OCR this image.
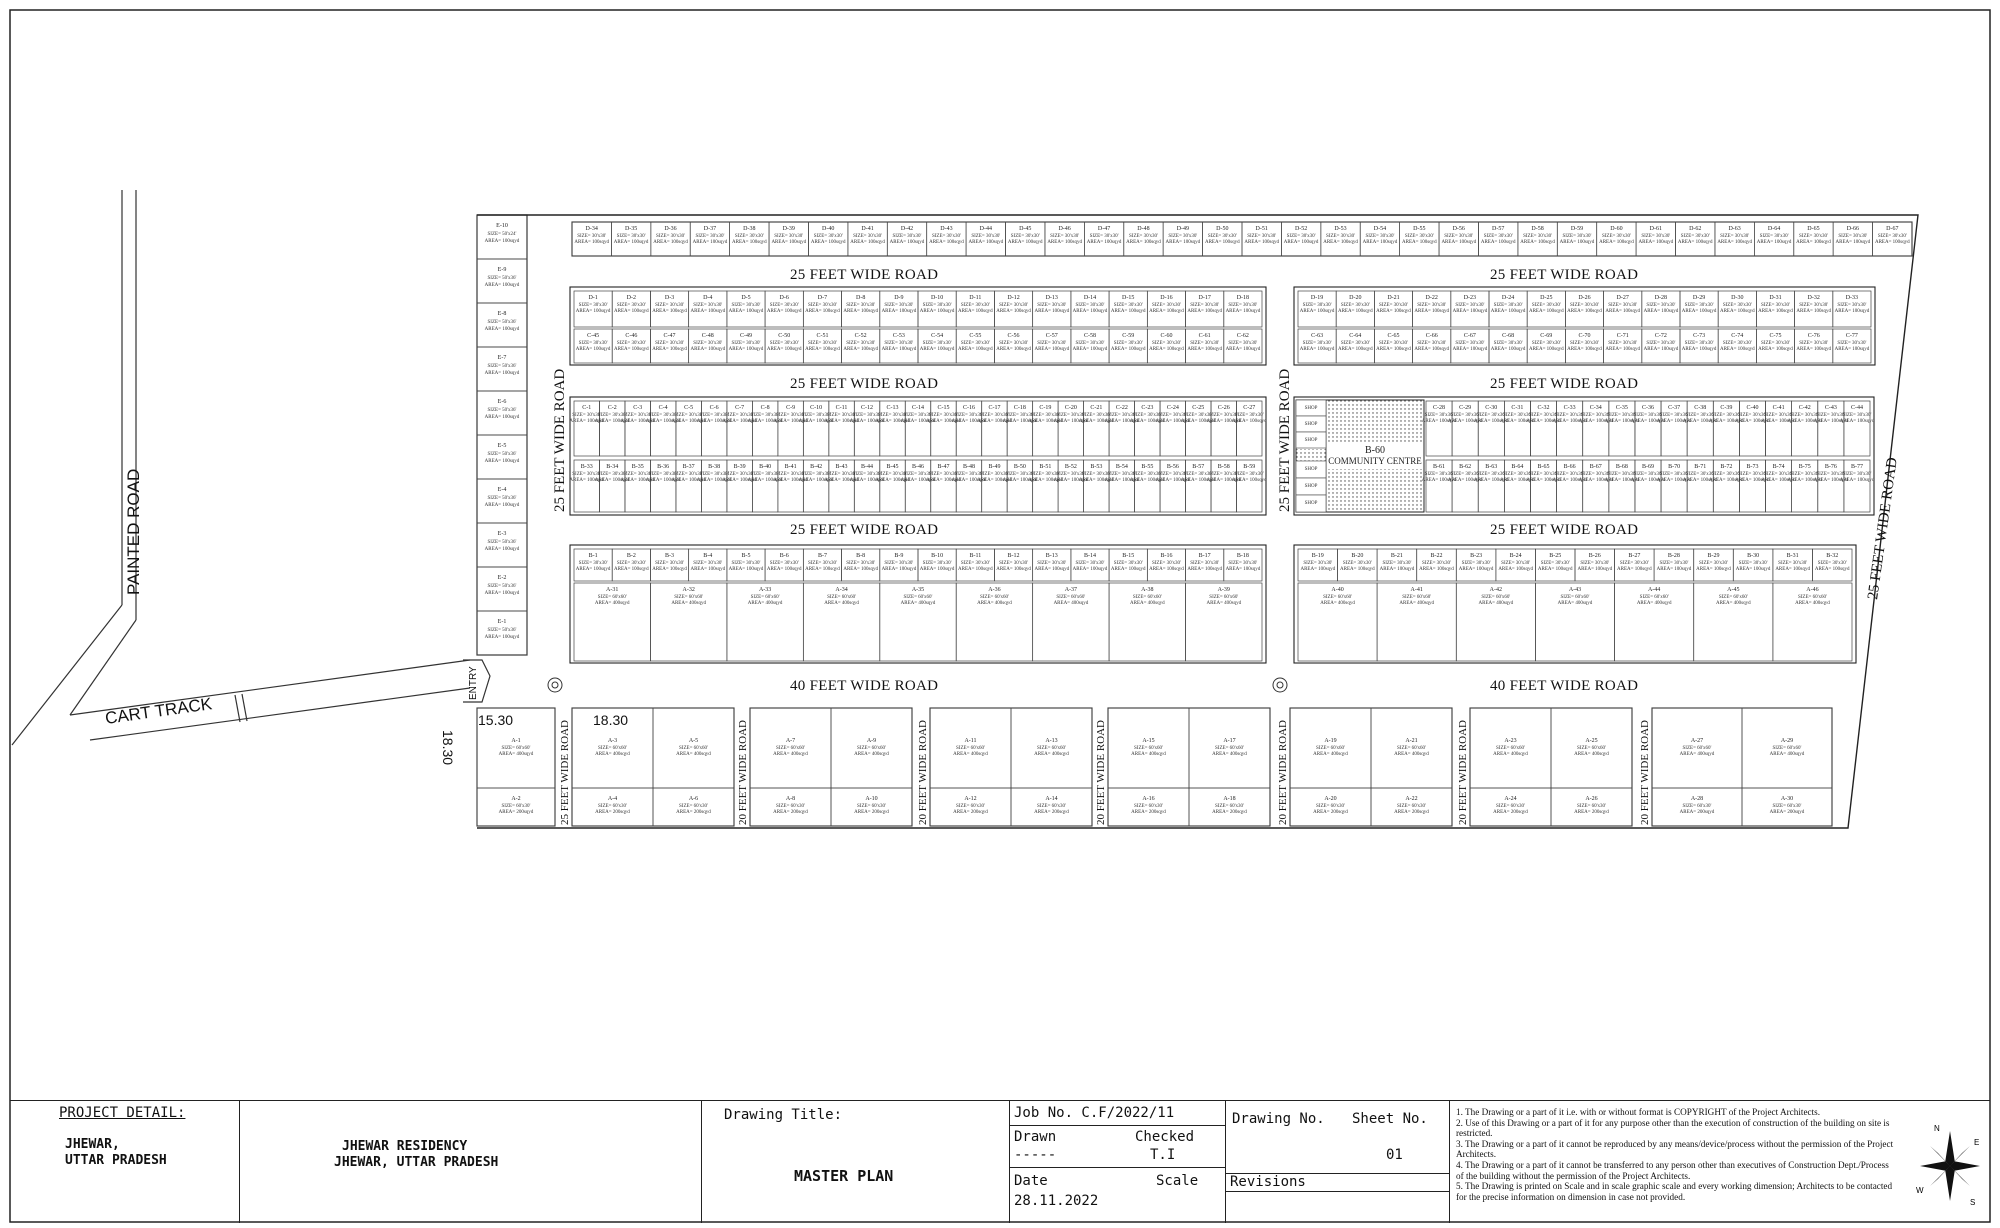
PAINTED ROAD
CART TRACK
ENTRY
E-10
SIZE= 50'x24'
AREA= 100sqyd
E-9
SIZE= 50'x36'
AREA= 100sqyd
E-8
SIZE= 50'x36'
AREA= 100sqyd
E-7
SIZE= 50'x36'
AREA= 100sqyd
E-6
SIZE= 50'x36'
AREA= 100sqyd
E-5
SIZE= 50'x36'
AREA= 100sqyd
E-4
SIZE= 50'x36'
AREA= 100sqyd
E-3
SIZE= 50'x36'
AREA= 100sqyd
E-2
SIZE= 50'x36'
AREA= 100sqyd
E-1
SIZE= 50'x36'
AREA= 100sqyd
D-34
SIZE= 30'x30'
AREA= 100sqyd
D-35
SIZE= 30'x30'
AREA= 100sqyd
D-36
SIZE= 30'x30'
AREA= 100sqyd
D-37
SIZE= 30'x30'
AREA= 100sqyd
D-38
SIZE= 30'x30'
AREA= 100sqyd
D-39
SIZE= 30'x30'
AREA= 100sqyd
D-40
SIZE= 30'x30'
AREA= 100sqyd
D-41
SIZE= 30'x30'
AREA= 100sqyd
D-42
SIZE= 30'x30'
AREA= 100sqyd
D-43
SIZE= 30'x30'
AREA= 100sqyd
D-44
SIZE= 30'x30'
AREA= 100sqyd
D-45
SIZE= 30'x30'
AREA= 100sqyd
D-46
SIZE= 30'x30'
AREA= 100sqyd
D-47
SIZE= 30'x30'
AREA= 100sqyd
D-48
SIZE= 30'x30'
AREA= 100sqyd
D-49
SIZE= 30'x30'
AREA= 100sqyd
D-50
SIZE= 30'x30'
AREA= 100sqyd
D-51
SIZE= 30'x30'
AREA= 100sqyd
D-52
SIZE= 30'x30'
AREA= 100sqyd
D-53
SIZE= 30'x30'
AREA= 100sqyd
D-54
SIZE= 30'x30'
AREA= 100sqyd
D-55
SIZE= 30'x30'
AREA= 100sqyd
D-56
SIZE= 30'x30'
AREA= 100sqyd
D-57
SIZE= 30'x30'
AREA= 100sqyd
D-58
SIZE= 30'x30'
AREA= 100sqyd
D-59
SIZE= 30'x30'
AREA= 100sqyd
D-60
SIZE= 30'x30'
AREA= 100sqyd
D-61
SIZE= 30'x30'
AREA= 100sqyd
D-62
SIZE= 30'x30'
AREA= 100sqyd
D-63
SIZE= 30'x30'
AREA= 100sqyd
D-64
SIZE= 30'x30'
AREA= 100sqyd
D-65
SIZE= 30'x30'
AREA= 100sqyd
D-66
SIZE= 30'x30'
AREA= 100sqyd
D-67
SIZE= 30'x30'
AREA= 100sqyd
D-1
SIZE= 30'x30'
AREA= 100sqyd
D-2
SIZE= 30'x30'
AREA= 100sqyd
D-3
SIZE= 30'x30'
AREA= 100sqyd
D-4
SIZE= 30'x30'
AREA= 100sqyd
D-5
SIZE= 30'x30'
AREA= 100sqyd
D-6
SIZE= 30'x30'
AREA= 100sqyd
D-7
SIZE= 30'x30'
AREA= 100sqyd
D-8
SIZE= 30'x30'
AREA= 100sqyd
D-9
SIZE= 30'x30'
AREA= 100sqyd
D-10
SIZE= 30'x30'
AREA= 100sqyd
D-11
SIZE= 30'x30'
AREA= 100sqyd
D-12
SIZE= 30'x30'
AREA= 100sqyd
D-13
SIZE= 30'x30'
AREA= 100sqyd
D-14
SIZE= 30'x30'
AREA= 100sqyd
D-15
SIZE= 30'x30'
AREA= 100sqyd
D-16
SIZE= 30'x30'
AREA= 100sqyd
D-17
SIZE= 30'x30'
AREA= 100sqyd
D-18
SIZE= 30'x30'
AREA= 100sqyd
C-45
SIZE= 30'x30'
AREA= 100sqyd
C-46
SIZE= 30'x30'
AREA= 100sqyd
C-47
SIZE= 30'x30'
AREA= 100sqyd
C-48
SIZE= 30'x30'
AREA= 100sqyd
C-49
SIZE= 30'x30'
AREA= 100sqyd
C-50
SIZE= 30'x30'
AREA= 100sqyd
C-51
SIZE= 30'x30'
AREA= 100sqyd
C-52
SIZE= 30'x30'
AREA= 100sqyd
C-53
SIZE= 30'x30'
AREA= 100sqyd
C-54
SIZE= 30'x30'
AREA= 100sqyd
C-55
SIZE= 30'x30'
AREA= 100sqyd
C-56
SIZE= 30'x30'
AREA= 100sqyd
C-57
SIZE= 30'x30'
AREA= 100sqyd
C-58
SIZE= 30'x30'
AREA= 100sqyd
C-59
SIZE= 30'x30'
AREA= 100sqyd
C-60
SIZE= 30'x30'
AREA= 100sqyd
C-61
SIZE= 30'x30'
AREA= 100sqyd
C-62
SIZE= 30'x30'
AREA= 100sqyd
D-19
SIZE= 30'x30'
AREA= 100sqyd
D-20
SIZE= 30'x30'
AREA= 100sqyd
D-21
SIZE= 30'x30'
AREA= 100sqyd
D-22
SIZE= 30'x30'
AREA= 100sqyd
D-23
SIZE= 30'x30'
AREA= 100sqyd
D-24
SIZE= 30'x30'
AREA= 100sqyd
D-25
SIZE= 30'x30'
AREA= 100sqyd
D-26
SIZE= 30'x30'
AREA= 100sqyd
D-27
SIZE= 30'x30'
AREA= 100sqyd
D-28
SIZE= 30'x30'
AREA= 100sqyd
D-29
SIZE= 30'x30'
AREA= 100sqyd
D-30
SIZE= 30'x30'
AREA= 100sqyd
D-31
SIZE= 30'x30'
AREA= 100sqyd
D-32
SIZE= 30'x30'
AREA= 100sqyd
D-33
SIZE= 30'x30'
AREA= 100sqyd
C-63
SIZE= 30'x30'
AREA= 100sqyd
C-64
SIZE= 30'x30'
AREA= 100sqyd
C-65
SIZE= 30'x30'
AREA= 100sqyd
C-66
SIZE= 30'x30'
AREA= 100sqyd
C-67
SIZE= 30'x30'
AREA= 100sqyd
C-68
SIZE= 30'x30'
AREA= 100sqyd
C-69
SIZE= 30'x30'
AREA= 100sqyd
C-70
SIZE= 30'x30'
AREA= 100sqyd
C-71
SIZE= 30'x30'
AREA= 100sqyd
C-72
SIZE= 30'x30'
AREA= 100sqyd
C-73
SIZE= 30'x30'
AREA= 100sqyd
C-74
SIZE= 30'x30'
AREA= 100sqyd
C-75
SIZE= 30'x30'
AREA= 100sqyd
C-76
SIZE= 30'x30'
AREA= 100sqyd
C-77
SIZE= 30'x30'
AREA= 100sqyd
C-1
SIZE= 30'x30'
AREA= 100sqyd
C-2
SIZE= 30'x30'
AREA= 100sqyd
C-3
SIZE= 30'x30'
AREA= 100sqyd
C-4
SIZE= 30'x30'
AREA= 100sqyd
C-5
SIZE= 30'x30'
AREA= 100sqyd
C-6
SIZE= 30'x30'
AREA= 100sqyd
C-7
SIZE= 30'x30'
AREA= 100sqyd
C-8
SIZE= 30'x30'
AREA= 100sqyd
C-9
SIZE= 30'x30'
AREA= 100sqyd
C-10
SIZE= 30'x30'
AREA= 100sqyd
C-11
SIZE= 30'x30'
AREA= 100sqyd
C-12
SIZE= 30'x30'
AREA= 100sqyd
C-13
SIZE= 30'x30'
AREA= 100sqyd
C-14
SIZE= 30'x30'
AREA= 100sqyd
C-15
SIZE= 30'x30'
AREA= 100sqyd
C-16
SIZE= 30'x30'
AREA= 100sqyd
C-17
SIZE= 30'x30'
AREA= 100sqyd
C-18
SIZE= 30'x30'
AREA= 100sqyd
C-19
SIZE= 30'x30'
AREA= 100sqyd
C-20
SIZE= 30'x30'
AREA= 100sqyd
C-21
SIZE= 30'x30'
AREA= 100sqyd
C-22
SIZE= 30'x30'
AREA= 100sqyd
C-23
SIZE= 30'x30'
AREA= 100sqyd
C-24
SIZE= 30'x30'
AREA= 100sqyd
C-25
SIZE= 30'x30'
AREA= 100sqyd
C-26
SIZE= 30'x30'
AREA= 100sqyd
C-27
SIZE= 30'x30'
AREA= 100sqyd
B-33
SIZE= 30'x30'
AREA= 100sqyd
B-34
SIZE= 30'x30'
AREA= 100sqyd
B-35
SIZE= 30'x30'
AREA= 100sqyd
B-36
SIZE= 30'x30'
AREA= 100sqyd
B-37
SIZE= 30'x30'
AREA= 100sqyd
B-38
SIZE= 30'x30'
AREA= 100sqyd
B-39
SIZE= 30'x30'
AREA= 100sqyd
B-40
SIZE= 30'x30'
AREA= 100sqyd
B-41
SIZE= 30'x30'
AREA= 100sqyd
B-42
SIZE= 30'x30'
AREA= 100sqyd
B-43
SIZE= 30'x30'
AREA= 100sqyd
B-44
SIZE= 30'x30'
AREA= 100sqyd
B-45
SIZE= 30'x30'
AREA= 100sqyd
B-46
SIZE= 30'x30'
AREA= 100sqyd
B-47
SIZE= 30'x30'
AREA= 100sqyd
B-48
SIZE= 30'x30'
AREA= 100sqyd
B-49
SIZE= 30'x30'
AREA= 100sqyd
B-50
SIZE= 30'x30'
AREA= 100sqyd
B-51
SIZE= 30'x30'
AREA= 100sqyd
B-52
SIZE= 30'x30'
AREA= 100sqyd
B-53
SIZE= 30'x30'
AREA= 100sqyd
B-54
SIZE= 30'x30'
AREA= 100sqyd
B-55
SIZE= 30'x30'
AREA= 100sqyd
B-56
SIZE= 30'x30'
AREA= 100sqyd
B-57
SIZE= 30'x30'
AREA= 100sqyd
B-58
SIZE= 30'x30'
AREA= 100sqyd
B-59
SIZE= 30'x30'
AREA= 100sqyd
SHOP
SHOP
SHOP
SHOP
SHOP
SHOP
B-60
COMMUNITY CENTRE
C-28
SIZE= 30'x30'
AREA= 100sqyd
C-29
SIZE= 30'x30'
AREA= 100sqyd
C-30
SIZE= 30'x30'
AREA= 100sqyd
C-31
SIZE= 30'x30'
AREA= 100sqyd
C-32
SIZE= 30'x30'
AREA= 100sqyd
C-33
SIZE= 30'x30'
AREA= 100sqyd
C-34
SIZE= 30'x30'
AREA= 100sqyd
C-35
SIZE= 30'x30'
AREA= 100sqyd
C-36
SIZE= 30'x30'
AREA= 100sqyd
C-37
SIZE= 30'x30'
AREA= 100sqyd
C-38
SIZE= 30'x30'
AREA= 100sqyd
C-39
SIZE= 30'x30'
AREA= 100sqyd
C-40
SIZE= 30'x30'
AREA= 100sqyd
C-41
SIZE= 30'x30'
AREA= 100sqyd
C-42
SIZE= 30'x30'
AREA= 100sqyd
C-43
SIZE= 30'x30'
AREA= 100sqyd
C-44
SIZE= 30'x30'
AREA= 100sqyd
B-61
SIZE= 30'x30'
AREA= 100sqyd
B-62
SIZE= 30'x30'
AREA= 100sqyd
B-63
SIZE= 30'x30'
AREA= 100sqyd
B-64
SIZE= 30'x30'
AREA= 100sqyd
B-65
SIZE= 30'x30'
AREA= 100sqyd
B-66
SIZE= 30'x30'
AREA= 100sqyd
B-67
SIZE= 30'x30'
AREA= 100sqyd
B-68
SIZE= 30'x30'
AREA= 100sqyd
B-69
SIZE= 30'x30'
AREA= 100sqyd
B-70
SIZE= 30'x30'
AREA= 100sqyd
B-71
SIZE= 30'x30'
AREA= 100sqyd
B-72
SIZE= 30'x30'
AREA= 100sqyd
B-73
SIZE= 30'x30'
AREA= 100sqyd
B-74
SIZE= 30'x30'
AREA= 100sqyd
B-75
SIZE= 30'x30'
AREA= 100sqyd
B-76
SIZE= 30'x30'
AREA= 100sqyd
B-77
SIZE= 30'x30'
AREA= 100sqyd
B-1
SIZE= 30'x30'
AREA= 100sqyd
B-2
SIZE= 30'x30'
AREA= 100sqyd
B-3
SIZE= 30'x30'
AREA= 100sqyd
B-4
SIZE= 30'x30'
AREA= 100sqyd
B-5
SIZE= 30'x30'
AREA= 100sqyd
B-6
SIZE= 30'x30'
AREA= 100sqyd
B-7
SIZE= 30'x30'
AREA= 100sqyd
B-8
SIZE= 30'x30'
AREA= 100sqyd
B-9
SIZE= 30'x30'
AREA= 100sqyd
B-10
SIZE= 30'x30'
AREA= 100sqyd
B-11
SIZE= 30'x30'
AREA= 100sqyd
B-12
SIZE= 30'x30'
AREA= 100sqyd
B-13
SIZE= 30'x30'
AREA= 100sqyd
B-14
SIZE= 30'x30'
AREA= 100sqyd
B-15
SIZE= 30'x30'
AREA= 100sqyd
B-16
SIZE= 30'x30'
AREA= 100sqyd
B-17
SIZE= 30'x30'
AREA= 100sqyd
B-18
SIZE= 30'x30'
AREA= 100sqyd
A-31
SIZE= 60'x60'
AREA= 400sqyd
A-32
SIZE= 60'x60'
AREA= 400sqyd
A-33
SIZE= 60'x60'
AREA= 400sqyd
A-34
SIZE= 60'x60'
AREA= 400sqyd
A-35
SIZE= 60'x60'
AREA= 400sqyd
A-36
SIZE= 60'x60'
AREA= 400sqyd
A-37
SIZE= 60'x60'
AREA= 400sqyd
A-38
SIZE= 60'x60'
AREA= 400sqyd
A-39
SIZE= 60'x60'
AREA= 400sqyd
B-19
SIZE= 30'x30'
AREA= 100sqyd
B-20
SIZE= 30'x30'
AREA= 100sqyd
B-21
SIZE= 30'x30'
AREA= 100sqyd
B-22
SIZE= 30'x30'
AREA= 100sqyd
B-23
SIZE= 30'x30'
AREA= 100sqyd
B-24
SIZE= 30'x30'
AREA= 100sqyd
B-25
SIZE= 30'x30'
AREA= 100sqyd
B-26
SIZE= 30'x30'
AREA= 100sqyd
B-27
SIZE= 30'x30'
AREA= 100sqyd
B-28
SIZE= 30'x30'
AREA= 100sqyd
B-29
SIZE= 30'x30'
AREA= 100sqyd
B-30
SIZE= 30'x30'
AREA= 100sqyd
B-31
SIZE= 30'x30'
AREA= 100sqyd
B-32
SIZE= 30'x30'
AREA= 100sqyd
A-40
SIZE= 60'x60'
AREA= 400sqyd
A-41
SIZE= 60'x60'
AREA= 400sqyd
A-42
SIZE= 60'x60'
AREA= 400sqyd
A-43
SIZE= 60'x60'
AREA= 400sqyd
A-44
SIZE= 60'x60'
AREA= 400sqyd
A-45
SIZE= 60'x60'
AREA= 400sqyd
A-46
SIZE= 60'x60'
AREA= 400sqyd
25 FEET WIDE ROAD	25 FEET WIDE ROAD
25 FEET WIDE ROAD	25 FEET WIDE ROAD
25 FEET WIDE ROAD	25 FEET WIDE ROAD
40 FEET WIDE ROAD	40 FEET WIDE ROAD
25 FEET WIDE ROAD	25 FEET WIDE ROAD
25 FEET WIDE ROAD
A-1
SIZE= 60'x60'
AREA= 400sqyd
A-2
SIZE= 60'x30'
AREA= 200sqyd
A-3
SIZE= 60'x60'
AREA= 400sqyd
A-4
SIZE= 60'x30'
AREA= 200sqyd
A-5
SIZE= 60'x60'
AREA= 400sqyd
A-6
SIZE= 60'x30'
AREA= 200sqyd
25 FEET WIDE ROAD	A-7
SIZE= 60'x60'
AREA= 400sqyd
A-8
SIZE= 60'x30'
AREA= 200sqyd
A-9
SIZE= 60'x60'
AREA= 400sqyd
A-10
SIZE= 60'x30'
AREA= 200sqyd
20 FEET WIDE ROAD	A-11
SIZE= 60'x60'
AREA= 400sqyd
A-12
SIZE= 60'x30'
AREA= 200sqyd
A-13
SIZE= 60'x60'
AREA= 400sqyd
A-14
SIZE= 60'x30'
AREA= 200sqyd
20 FEET WIDE ROAD	A-15
SIZE= 60'x60'
AREA= 400sqyd
A-16
SIZE= 60'x30'
AREA= 200sqyd
A-17
SIZE= 60'x60'
AREA= 400sqyd
A-18
SIZE= 60'x30'
AREA= 200sqyd
20 FEET WIDE ROAD	A-19
SIZE= 60'x60'
AREA= 400sqyd
A-20
SIZE= 60'x30'
AREA= 200sqyd
A-21
SIZE= 60'x60'
AREA= 400sqyd
A-22
SIZE= 60'x30'
AREA= 200sqyd
20 FEET WIDE ROAD	A-23
SIZE= 60'x60'
AREA= 400sqyd
A-24
SIZE= 60'x30'
AREA= 200sqyd
A-25
SIZE= 60'x60'
AREA= 400sqyd
A-26
SIZE= 60'x30'
AREA= 200sqyd
20 FEET WIDE ROAD	A-27
SIZE= 60'x60'
AREA= 400sqyd
A-28
SIZE= 60'x30'
AREA= 200sqyd
A-29
SIZE= 60'x60'
AREA= 400sqyd
A-30
SIZE= 60'x30'
AREA= 200sqyd
20 FEET WIDE ROAD
15.30	18.30
18.30
PROJECT DETAIL:
JHEWAR,
UTTAR PRADESH
JHEWAR RESIDENCY
JHEWAR, UTTAR PRADESH
Drawing Title:
MASTER PLAN
Job No. C.F/2022/11
Drawn	Checked
-----	T.I
Date	Scale
28.11.2022
Drawing No. Sheet No.
01
Revisions
1. The Drawing or a part of it i.e. with or without format is COPYRIGHT of the Project Architects.
2. Use of this Drawing or a part of it for any purpose other than the execution of construction of the building on site is restricted.
3. The Drawing or a part of it cannot be reproduced by any means/device/process without the permission of the Project Architects.
4. The Drawing or a part of it cannot be transferred to any person other than executives of Construction Dept./Process of the building without the permission of the Project Architects.
5. The Drawing is printed on Scale and in scale graphic scale and every working dimension; Architects to be contacted for the precise information on dimension in case not provided.
N
E
W
S
